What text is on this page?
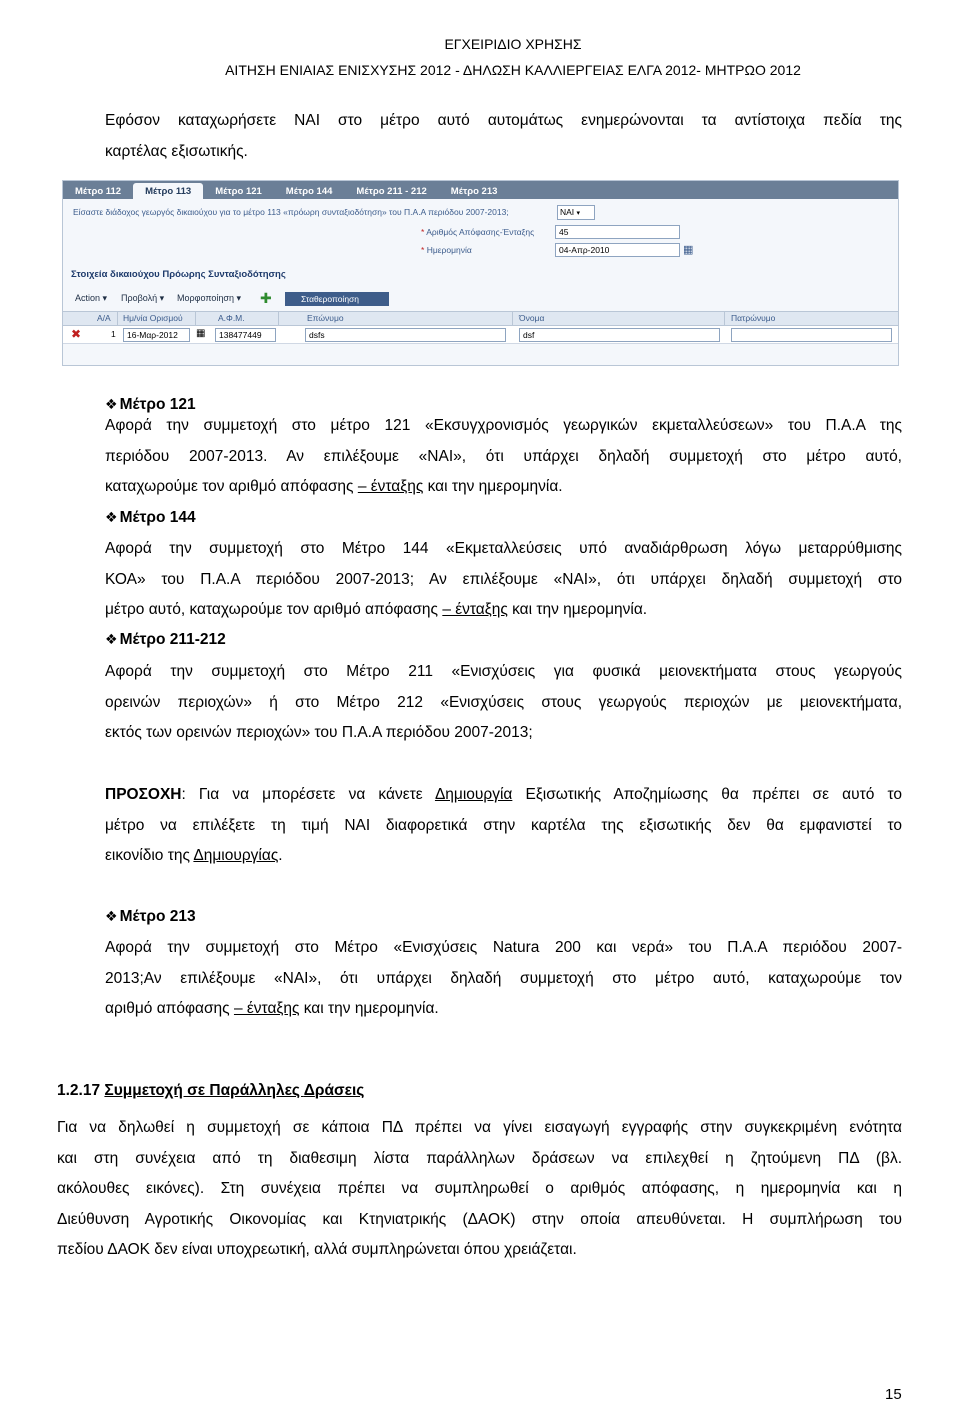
ΕΓΧΕΙΡΙΔΙΟ ΧΡΗΣΗΣ
ΑΙΤΗΣΗ ΕΝΙΑΙΑΣ ΕΝΙΣΧΥΣΗΣ 2012 - ΔΗΛΩΣΗ ΚΑΛΛΙΕΡΓΕΙΑΣ ΕΛΓΑ 2012- ΜΗΤΡΩΟ 2012
Εφόσον καταχωρήσετε ΝΑΙ στο μέτρο αυτό αυτομάτως ενημερώνονται τα αντίστοιχα πεδία της
καρτέλας εξισωτικής.
Μέτρο 112	Μέτρο 113	Μέτρο 121	Μέτρο 144	Μέτρο 211 - 212	Μέτρο 213
Είσαστε διάδοχος γεωργός δικαιούχου για το μέτρο 113 «πρόωρη συνταξιοδότηση» του Π.Α.Α περιόδου 2007-2013;	ΝΑΙ ▾
* Αριθμός Απόφασης-Ένταξης	45
* Ημερομηνία	04-Απρ-2010	▦
Στοιχεία δικαιούχου Πρόωρης Συνταξιοδότησης
Action ▾ Προβολή ▾ Μορφοποίηση ▾ ✚	Σταθεροποίηση
Α/Α Ημ/νία Ορισμού	Α.Φ.Μ.	Επώνυμο	Όνομα	Πατρώνυμο
✖	1	16-Μαρ-2012	▦	138477449	dsfs	dsf
❖ Μέτρο 121
Αφορά την συμμετοχή στο μέτρο 121 «Εκσυγχρονισμός γεωργικών εκμεταλλεύσεων» του Π.Α.Α της
περιόδου 2007-2013. Αν επιλέξουμε «ΝΑΙ», ότι υπάρχει δηλαδή συμμετοχή στο μέτρο αυτό,
καταχωρούμε τον αριθμό απόφασης – ένταξης και την ημερομηνία.
❖ Μέτρο 144
Αφορά την συμμετοχή στο Μέτρο 144 «Εκμεταλλεύσεις υπό αναδιάρθρωση λόγω μεταρρύθμισης
ΚΟΑ» του Π.Α.Α περιόδου 2007-2013; Αν επιλέξουμε «ΝΑΙ», ότι υπάρχει δηλαδή συμμετοχή στο
μέτρο αυτό, καταχωρούμε τον αριθμό απόφασης – ένταξης και την ημερομηνία.
❖ Μέτρο 211-212
Αφορά την συμμετοχή στο Μέτρο 211 «Ενισχύσεις για φυσικά μειονεκτήματα στους γεωργούς
ορεινών περιοχών» ή στο Μέτρο 212 «Ενισχύσεις στους γεωργούς περιοχών με μειονεκτήματα,
εκτός των ορεινών περιοχών» του Π.Α.Α περιόδου 2007-2013;
ΠΡΟΣΟΧΗ: Για να μπορέσετε να κάνετε Δημιουργία Εξισωτικής Αποζημίωσης θα πρέπει σε αυτό το
μέτρο να επιλέξετε τη τιμή ΝΑΙ διαφορετικά στην καρτέλα της εξισωτικής δεν θα εμφανιστεί το
εικονίδιο της Δημιουργίας.
❖ Μέτρο 213
Αφορά την συμμετοχή στο Μέτρο «Ενισχύσεις Natura 200 και νερά» του Π.Α.Α περιόδου 2007-
2013;Αν επιλέξουμε «ΝΑΙ», ότι υπάρχει δηλαδή συμμετοχή στο μέτρο αυτό, καταχωρούμε τον
αριθμό απόφασης – ένταξης και την ημερομηνία.
1.2.17 Συμμετοχή σε Παράλληλες Δράσεις
Για να δηλωθεί η συμμετοχή σε κάποια ΠΔ πρέπει να γίνει εισαγωγή εγγραφής στην συγκεκριμένη ενότητα
και στη συνέχεια από τη διαθεσιμη λίστα παράλληλων δράσεων να επιλεχθεί η ζητούμενη ΠΔ (βλ.
ακόλουθες εικόνες). Στη συνέχεια πρέπει να συμπληρωθεί ο αριθμός απόφασης, η ημερομηνία και η
Διεύθυνση Αγροτικής Οικονομίας και Κτηνιατρικής (ΔΑΟΚ) στην οποία απευθύνεται. Η συμπλήρωση του
πεδίου ΔΑΟΚ δεν είναι υποχρεωτική, αλλά συμπληρώνεται όπου χρειάζεται.
15
